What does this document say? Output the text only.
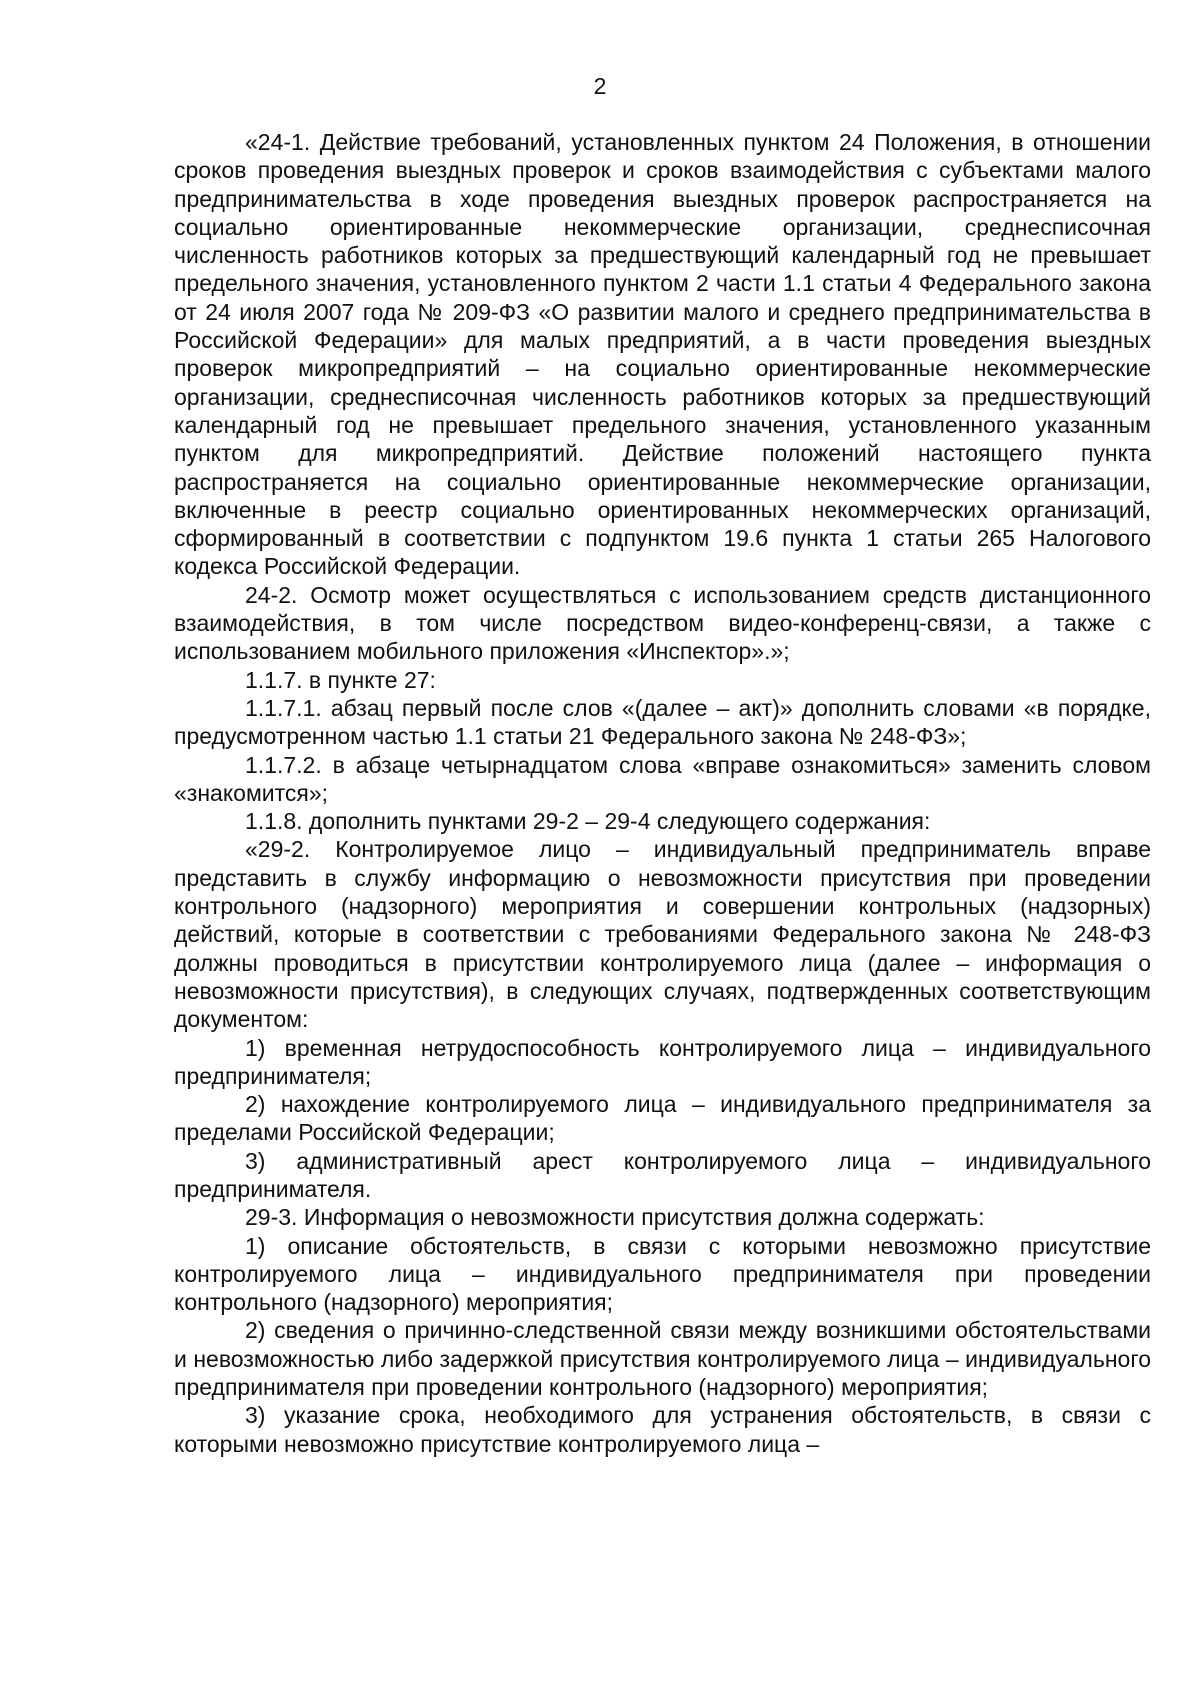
2

«24-1. Действие требований, установленных пунктом 24 Положения, в отношении сроков проведения выездных проверок и сроков взаимодействия с субъектами малого предпринимательства в ходе проведения выездных проверок распространяется на социально ориентированные некоммерческие организации, среднесписочная численность работников которых за предшествующий календарный год не превышает предельного значения, установленного пунктом 2 части 1.1 статьи 4 Федерального закона от 24 июля 2007 года № 209-ФЗ «О развитии малого и среднего предпринимательства в Российской Федерации» для малых предприятий, а в части проведения выездных проверок микропредприятий – на социально ориентированные некоммерческие организации, среднесписочная численность работников которых за предшествующий календарный год не превышает предельного значения, установленного указанным пунктом для микропредприятий. Действие положений настоящего пункта распространяется на социально ориентированные некоммерческие организации, включенные в реестр социально ориентированных некоммерческих организаций, сформированный в соответствии с подпунктом 19.6 пункта 1 статьи 265 Налогового кодекса Российской Федерации.

24-2. Осмотр может осуществляться с использованием средств дистанционного взаимодействия, в том числе посредством видео-конференц-связи, а также с использованием мобильного приложения «Инспектор».»;

1.1.7. в пункте 27:

1.1.7.1. абзац первый после слов «(далее – акт)» дополнить словами «в порядке, предусмотренном частью 1.1 статьи 21 Федерального закона № 248-ФЗ»;

1.1.7.2. в абзаце четырнадцатом слова «вправе ознакомиться» заменить словом «знакомится»;

1.1.8. дополнить пунктами 29-2 – 29-4 следующего содержания:

«29-2. Контролируемое лицо – индивидуальный предприниматель вправе представить в службу информацию о невозможности присутствия при проведении контрольного (надзорного) мероприятия и совершении контрольных (надзорных) действий, которые в соответствии с требованиями Федерального закона № 248-ФЗ должны проводиться в присутствии контролируемого лица (далее – информация о невозможности присутствия), в следующих случаях, подтвержденных соответствующим документом:

1) временная нетрудоспособность контролируемого лица – индивидуального предпринимателя;

2) нахождение контролируемого лица – индивидуального предпринимателя за пределами Российской Федерации;

3) административный арест контролируемого лица – индивидуального предпринимателя.

29-3. Информация о невозможности присутствия должна содержать:

1) описание обстоятельств, в связи с которыми невозможно присутствие контролируемого лица – индивидуального предпринимателя при проведении контрольного (надзорного) мероприятия;

2) сведения о причинно-следственной связи между возникшими обстоятельствами и невозможностью либо задержкой присутствия контролируемого лица – индивидуального предпринимателя при проведении контрольного (надзорного) мероприятия;

3) указание срока, необходимого для устранения обстоятельств, в связи с которыми невозможно присутствие контролируемого лица –
